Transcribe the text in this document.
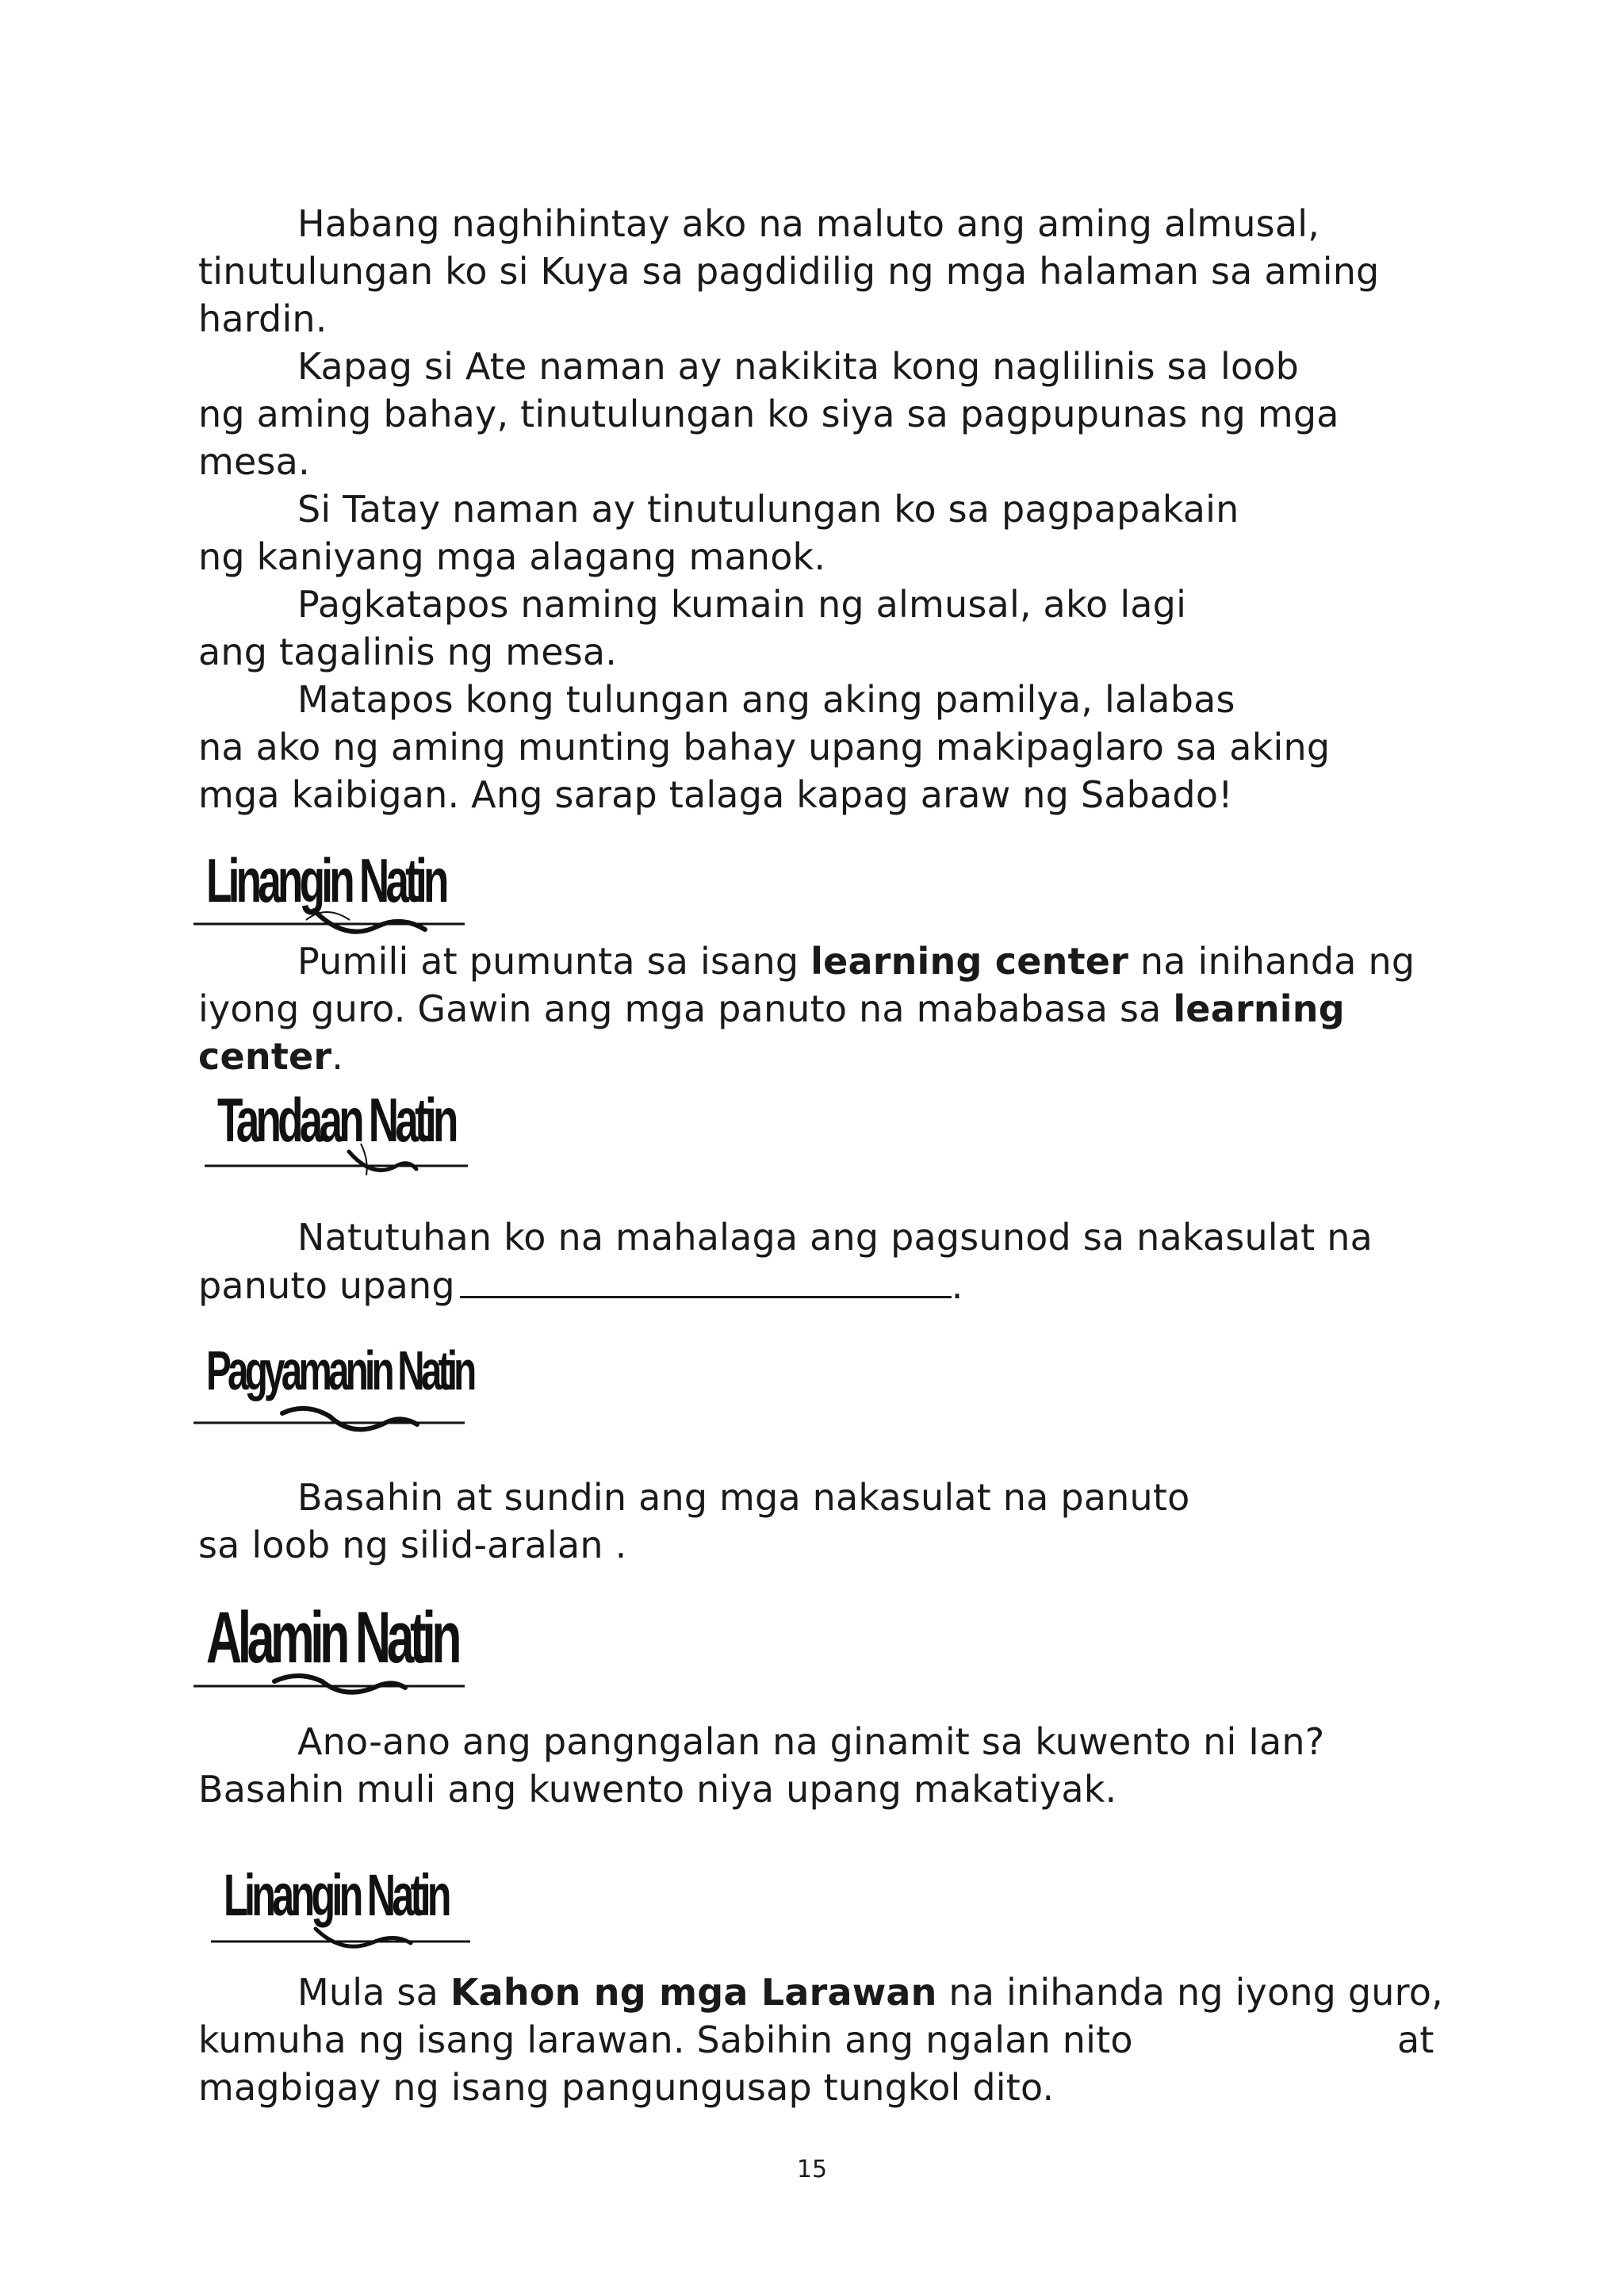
Habang naghihintay ako na maluto ang aming almusal,
tinutulungan ko si Kuya sa pagdidilig ng mga halaman sa aming
hardin.
Kapag si Ate naman ay nakikita kong naglilinis sa loob
ng aming bahay, tinutulungan ko siya sa pagpupunas ng mga
mesa.
Si Tatay naman ay tinutulungan ko sa pagpapakain
ng kaniyang mga alagang manok.
Pagkatapos naming kumain ng almusal, ako lagi
ang tagalinis ng mesa.
Matapos kong tulungan ang aking pamilya, lalabas
na ako ng aming munting bahay upang makipaglaro sa aking
mga kaibigan. Ang sarap talaga kapag araw ng Sabado!
Linangin Natin
Pumili at pumunta sa isang learning center na inihanda ng
iyong guro. Gawin ang mga panuto na mababasa sa learning
center.
Tandaan Natin
Natutuhan ko na mahalaga ang pagsunod sa nakasulat na
panuto upang	.
Pagyamanin Natin
Basahin at sundin ang mga nakasulat na panuto
sa loob ng silid-aralan .
Alamin Natin
Ano-ano ang pangngalan na ginamit sa kuwento ni Ian?
Basahin muli ang kuwento niya upang makatiyak.
Linangin Natin
Mula sa Kahon ng mga Larawan na inihanda ng iyong guro,
kumuha ng isang larawan. Sabihin ang ngalan nito	at
magbigay ng isang pangungusap tungkol dito.
15
